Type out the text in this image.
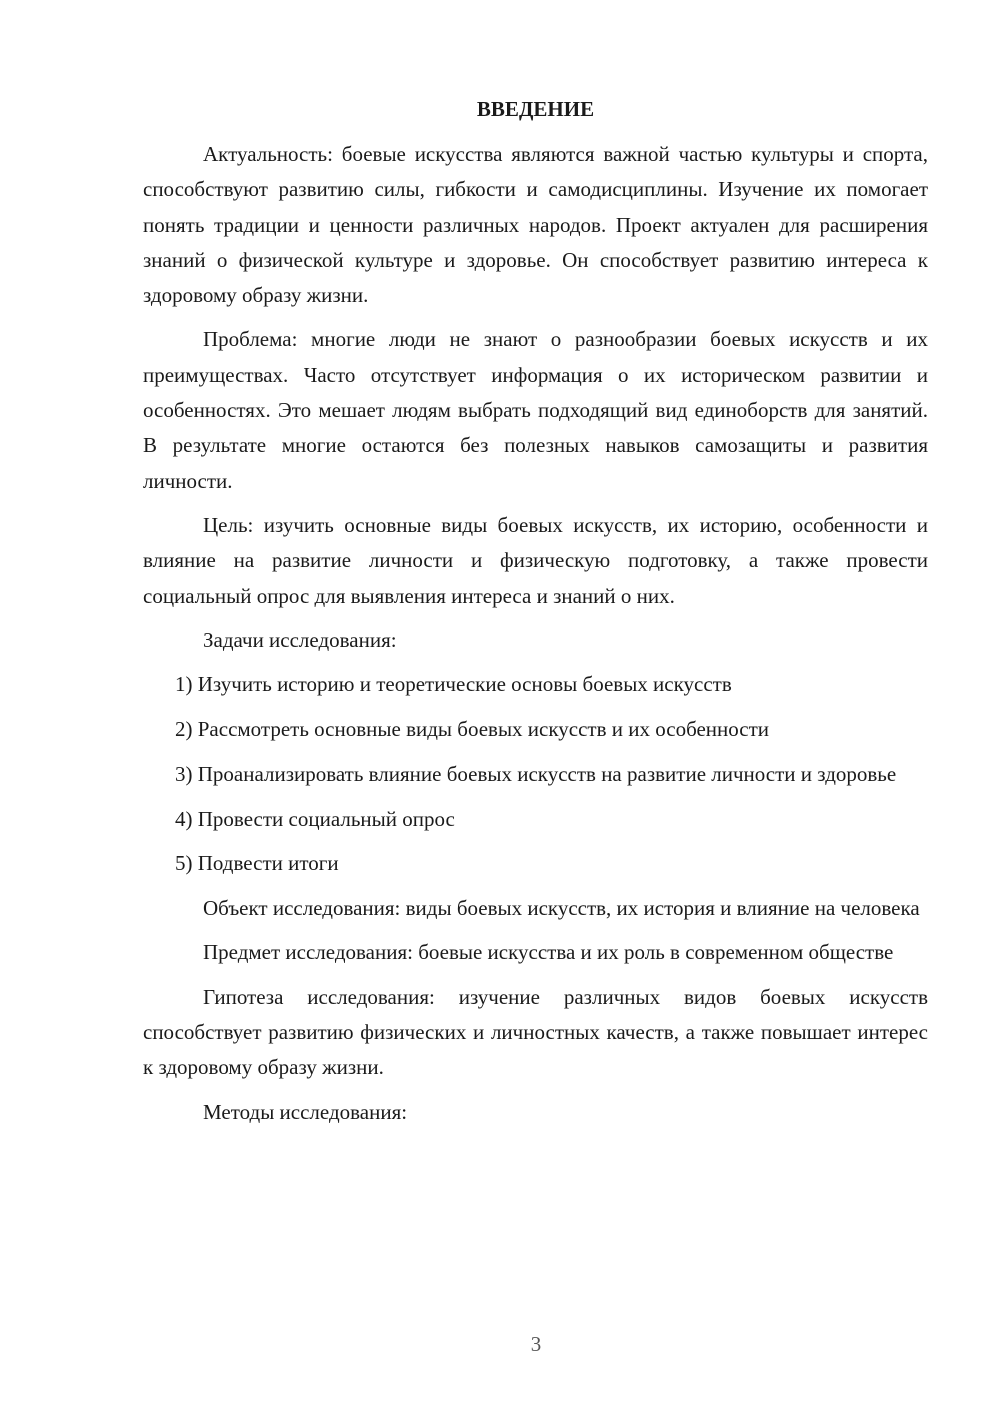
ВВЕДЕНИЕ

Актуальность: боевые искусства являются важной частью культуры и спорта, способствуют развитию силы, гибкости и самодисциплины. Изучение их помогает понять традиции и ценности различных народов. Проект актуален для расширения знаний о физической культуре и здоровье. Он способствует развитию интереса к здоровому образу жизни.

Проблема: многие люди не знают о разнообразии боевых искусств и их преимуществах. Часто отсутствует информация о их историческом развитии и особенностях. Это мешает людям выбрать подходящий вид единоборств для занятий. В результате многие остаются без полезных навыков самозащиты и развития личности.

Цель: изучить основные виды боевых искусств, их историю, особенности и влияние на развитие личности и физическую подготовку, а также провести социальный опрос для выявления интереса и знаний о них.

Задачи исследования:

1) Изучить историю и теоретические основы боевых искусств

2) Рассмотреть основные виды боевых искусств и их особенности

3) Проанализировать влияние боевых искусств на развитие личности и здоровье

4) Провести социальный опрос

5) Подвести итоги

Объект исследования: виды боевых искусств, их история и влияние на человека

Предмет исследования: боевые искусства и их роль в современном обществе

Гипотеза исследования: изучение различных видов боевых искусств способствует развитию физических и личностных качеств, а также повышает интерес к здоровому образу жизни.

Методы исследования:

3
